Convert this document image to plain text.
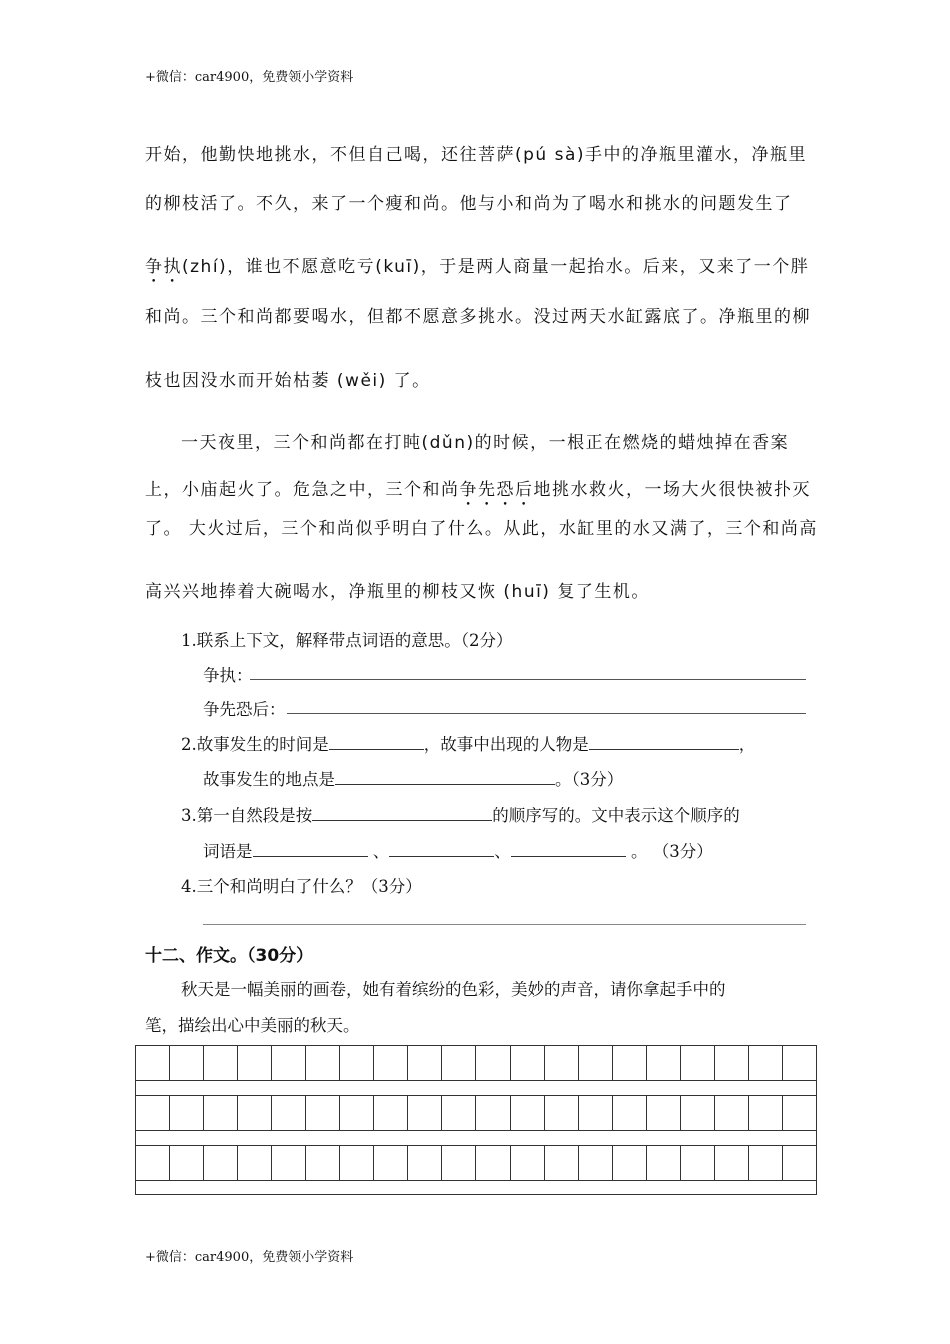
+微信：car4900，免费领小学资料
开始，他勤快地挑水，不但自己喝，还往菩萨(pú sà)手中的净瓶里灌水，净瓶里
的柳枝活了。不久，来了一个瘦和尚。他与小和尚为了喝水和挑水的问题发生了
争执(zhí)，谁也不愿意吃亏(kuī)，于是两人商量一起抬水。后来，又来了一个胖
和尚。三个和尚都要喝水，但都不愿意多挑水。没过两天水缸露底了。净瓶里的柳
枝也因没水而开始枯萎 (wěi) 了。
一天夜里，三个和尚都在打盹(dǔn)的时候，一根正在燃烧的蜡烛掉在香案
上，小庙起火了。危急之中，三个和尚争先恐后地挑水救火，一场大火很快被扑灭
了。 大火过后，三个和尚似乎明白了什么。从此，水缸里的水又满了，三个和尚高
高兴兴地捧着大碗喝水，净瓶里的柳枝又恢 (huī) 复了生机。
1.联系上下文，解释带点词语的意思。（2分）
争执：
争先恐后：
2.故事发生的时间是	，故事中出现的人物是	，
故事发生的地点是	。（3分）
3.第一自然段是按	的顺序写的。文中表示这个顺序的
词语是	、	、	。 （3分）
4.三个和尚明白了什么？（3分）
十二、作文。（30分）
秋天是一幅美丽的画卷，她有着缤纷的色彩，美妙的声音，请你拿起手中的
笔，描绘出心中美丽的秋天。
+微信：car4900，免费领小学资料
